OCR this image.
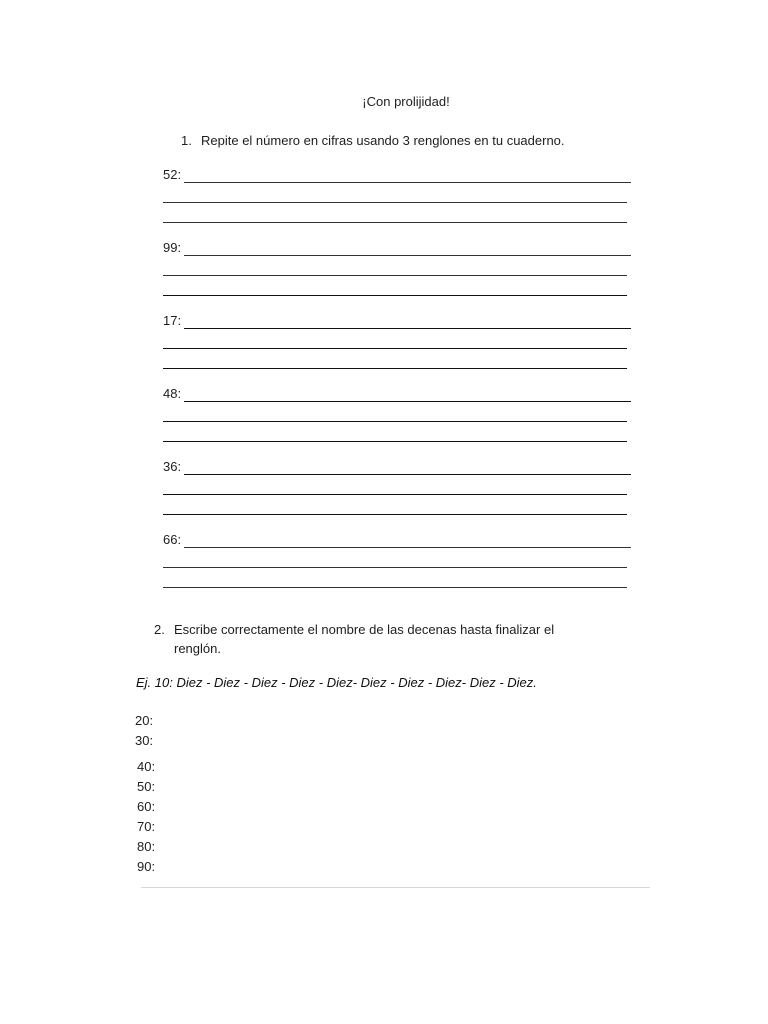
¡Con prolijidad!
1. Repite el número en cifras usando 3 renglones en tu cuaderno.
52:
99:
17:
48:
36:
66:
2. Escribe correctamente el nombre de las decenas hasta finalizar el
renglón.
Ej. 10: Diez - Diez - Diez - Diez - Diez- Diez - Diez - Diez- Diez - Diez.
20:
30:
40:
50:
60:
70:
80:
90:
